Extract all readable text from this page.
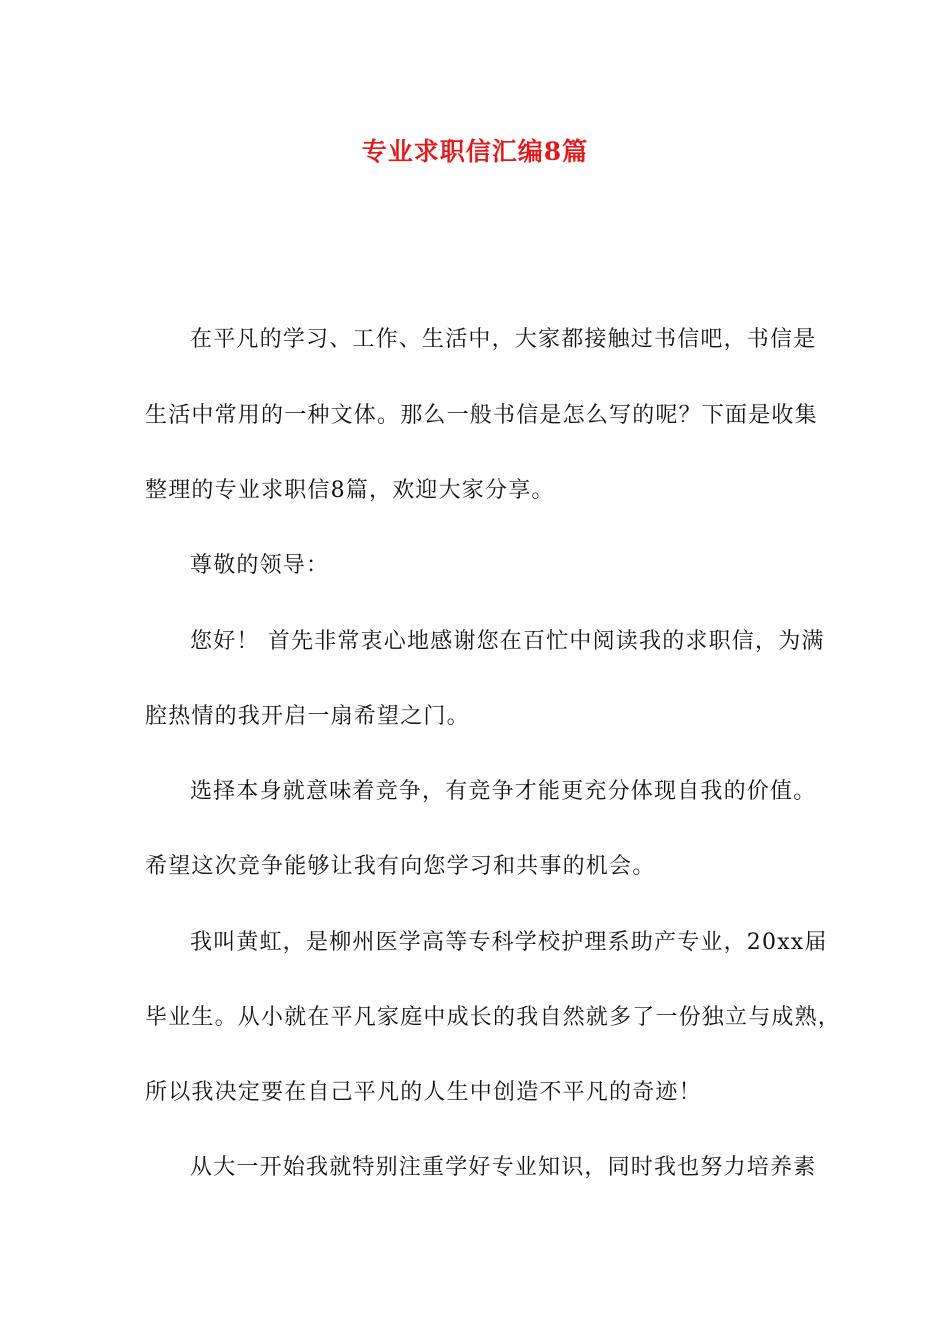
专业求职信汇编8篇
在平凡的学习、工作、生活中，大家都接触过书信吧，书信是
生活中常用的一种文体。那么一般书信是怎么写的呢？下面是收集
整理的专业求职信8篇，欢迎大家分享。
尊敬的领导：
您好！ 首先非常衷心地感谢您在百忙中阅读我的求职信，为满
腔热情的我开启一扇希望之门。
选择本身就意味着竞争，有竞争才能更充分体现自我的价值。
希望这次竞争能够让我有向您学习和共事的机会。
我叫黄虹，是柳州医学高等专科学校护理系助产专业，20xx届
毕业生。从小就在平凡家庭中成长的我自然就多了一份独立与成熟，
所以我决定要在自己平凡的人生中创造不平凡的奇迹！
从大一开始我就特别注重学好专业知识，同时我也努力培养素
